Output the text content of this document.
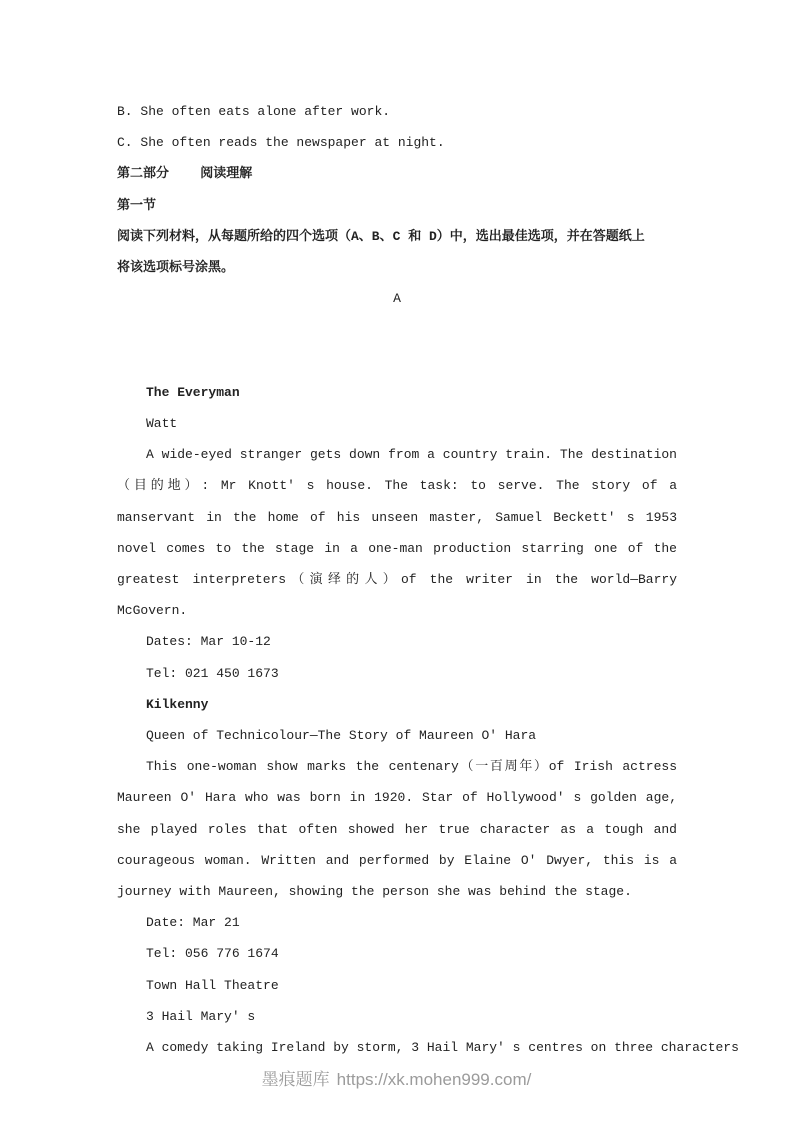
B. She often eats alone after work.
C. She often reads the newspaper at night.
第二部分    阅读理解
第一节
阅读下列材料，从每题所给的四个选项（A、B、C 和 D）中，选出最佳选项，并在答题纸上
将该选项标号涂黑。
A
The Everyman
Watt
A wide-eyed stranger gets down from a country train. The destination（目的地）: Mr Knott' s house. The task: to serve. The story of a manservant in the home of his unseen master, Samuel Beckett' s 1953 novel comes to the stage in a one-man production starring one of the greatest interpreters（演绎的人）of the writer in the world—Barry McGovern.
Dates: Mar 10-12
Tel: 021 450 1673
Kilkenny
Queen of Technicolour—The Story of Maureen O' Hara
This one-woman show marks the centenary（一百周年）of Irish actress Maureen O' Hara who was born in 1920. Star of Hollywood' s golden age, she played roles that often showed her true character as a tough and courageous woman. Written and performed by Elaine O' Dwyer, this is a journey with Maureen, showing the person she was behind the stage.
Date: Mar 21
Tel: 056 776 1674
Town Hall Theatre
3 Hail Mary' s
A comedy taking Ireland by storm, 3 Hail Mary' s centres on three characters
墨痕题库 https://xk.mohen999.com/
